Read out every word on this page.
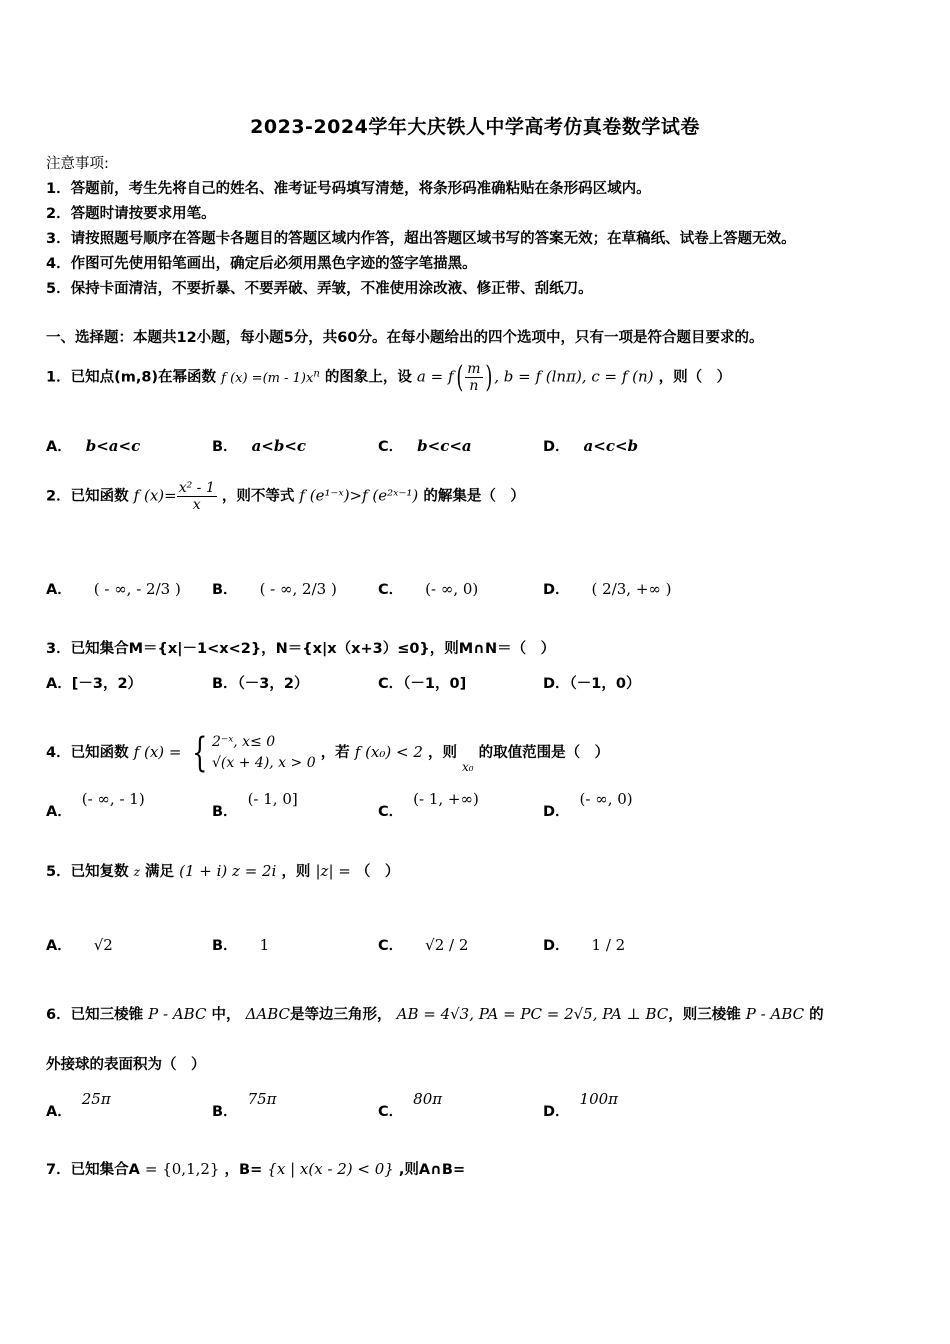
2023-2024学年大庆铁人中学高考仿真卷数学试卷
注意事项:
1．答题前，考生先将自己的姓名、准考证号码填写清楚，将条形码准确粘贴在条形码区域内。
2．答题时请按要求用笔。
3．请按照题号顺序在答题卡各题目的答题区域内作答，超出答题区域书写的答案无效；在草稿纸、试卷上答题无效。
4．作图可先使用铅笔画出，确定后必须用黑色字迹的签字笔描黑。
5．保持卡面清洁，不要折暴、不要弄破、弄皱，不准使用涂改液、修正带、刮纸刀。
一、选择题：本题共12小题，每小题5分，共60分。在每小题给出的四个选项中，只有一项是符合题目要求的。
1．已知点(m,8)在幂函数 f $(x) =(m - 1)x^n$ 的图象上，设 $a = f( \frac{m}{n}$ ) , b = f (lnπ), c = f (n) ，则（　）
A． b<a<c	B． a<b<c	C． b<c<a	D． a<c<b
2．已知函数 f $(x)= \frac{\text{x² - 1}}{x}$ ，则不等式 f (e¹⁻ˣ)>f (e²ˣ⁻¹) 的解集是（　）
A． ( - ∞, - 2/3 ) B． ( - ∞, 2/3 )	C． (- ∞, 0)	D． ( 2/3, +∞ )
3．已知集合M＝{x|－1<x<2}，N＝{x|x（x+3）≤0}，则M∩N＝（　）
A．[－3，2）	B．（－3，2）	C．（－1，0]	D．（－1，0）
4．已知函数 f (x) = { 2⁻ˣ, x≤ 0
√(x + 4), x > 0
，若 f (x₀) < 2 ，则 $_{x_0}$ 的取值范围是（　）
A．(- ∞, - 1)
B．(- 1, 0]
C．(- 1, +∞)
D．(- ∞, 0)
5．已知复数 z 满足 (1 + i) z = 2i ，则 |z| = （　）
A． √2	B． 1	C． √2 / 2	D． 1 / 2
6．已知三棱锥 P - ABC 中， ΔABC是等边三角形， AB = 4√3, PA = PC = 2√5, PA ⊥ BC，则三棱锥 P - ABC 的
外接球的表面积为（　）
A．25π
B．75π
C．80π
D．100π
7．已知集合A = {0,1,2} ，B= {x | x(x - 2) < 0} ,则A∩B=
